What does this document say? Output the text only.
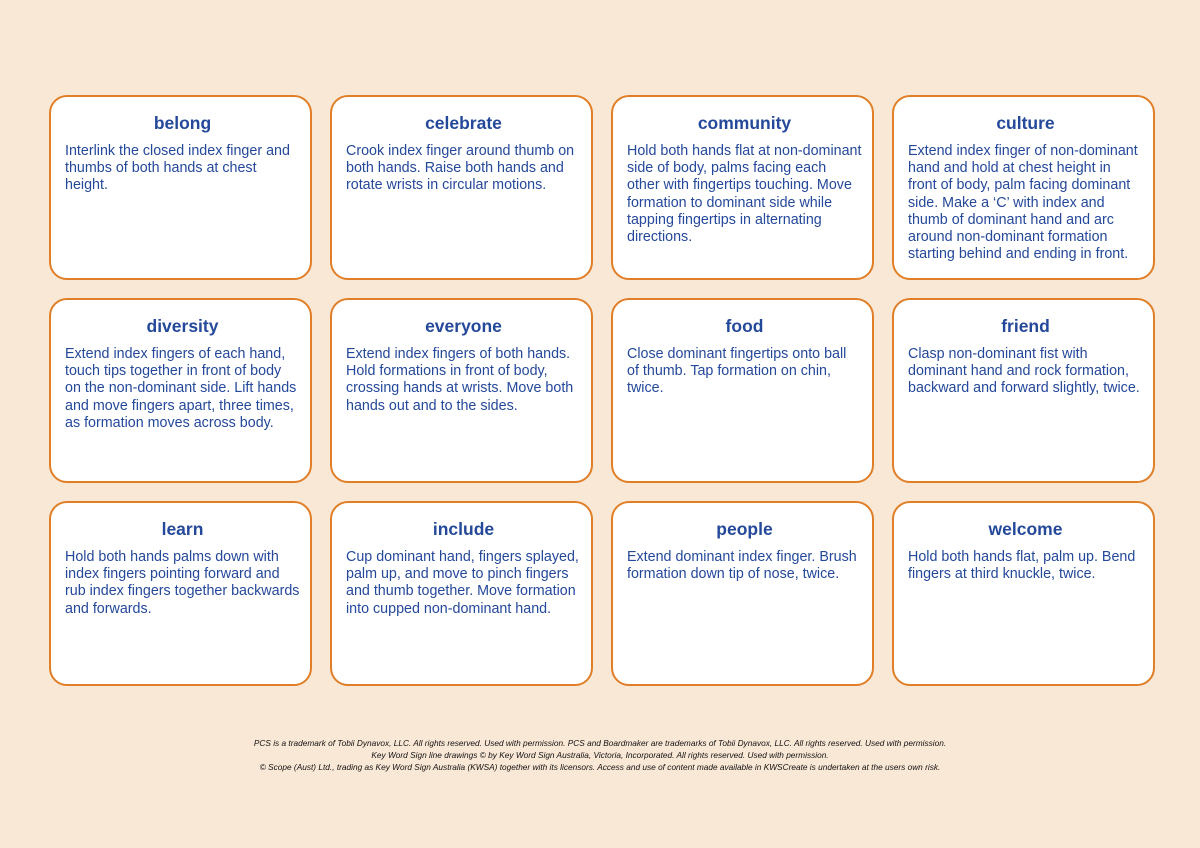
belong
Interlink the closed index finger and thumbs of both hands at chest height.
celebrate
Crook index finger around thumb on both hands. Raise both hands and rotate wrists in circular motions.
community
Hold both hands flat at non-dominant side of body, palms facing each other with fingertips touching. Move formation to dominant side while tapping fingertips in alternating directions.
culture
Extend index finger of non-dominant hand and hold at chest height in front of body, palm facing dominant side. Make a ‘C’ with index and thumb of dominant hand and arc around non-dominant formation starting behind and ending in front.
diversity
Extend index fingers of each hand, touch tips together in front of body on the non-dominant side. Lift hands and move fingers apart, three times, as formation moves across body.
everyone
Extend index fingers of both hands. Hold formations in front of body, crossing hands at wrists. Move both hands out and to the sides.
food
Close dominant fingertips onto ball of thumb. Tap formation on chin, twice.
friend
Clasp non-dominant fist with dominant hand and rock formation, backward and forward slightly, twice.
learn
Hold both hands palms down with index fingers pointing forward and rub index fingers together backwards and forwards.
include
Cup dominant hand, fingers splayed, palm up, and move to pinch fingers and thumb together. Move formation into cupped non-dominant hand.
people
Extend dominant index finger. Brush formation down tip of nose, twice.
welcome
Hold both hands flat, palm up. Bend fingers at third knuckle, twice.
PCS is a trademark of Tobii Dynavox, LLC. All rights reserved. Used with permission. PCS and Boardmaker are trademarks of Tobii Dynavox, LLC. All rights reserved. Used with permission.
Key Word Sign line drawings © by Key Word Sign Australia, Victoria, Incorporated. All rights reserved. Used with permission.
© Scope (Aust) Ltd., trading as Key Word Sign Australia (KWSA) together with its licensors. Access and use of content made available in KWSCreate is undertaken at the users own risk.
